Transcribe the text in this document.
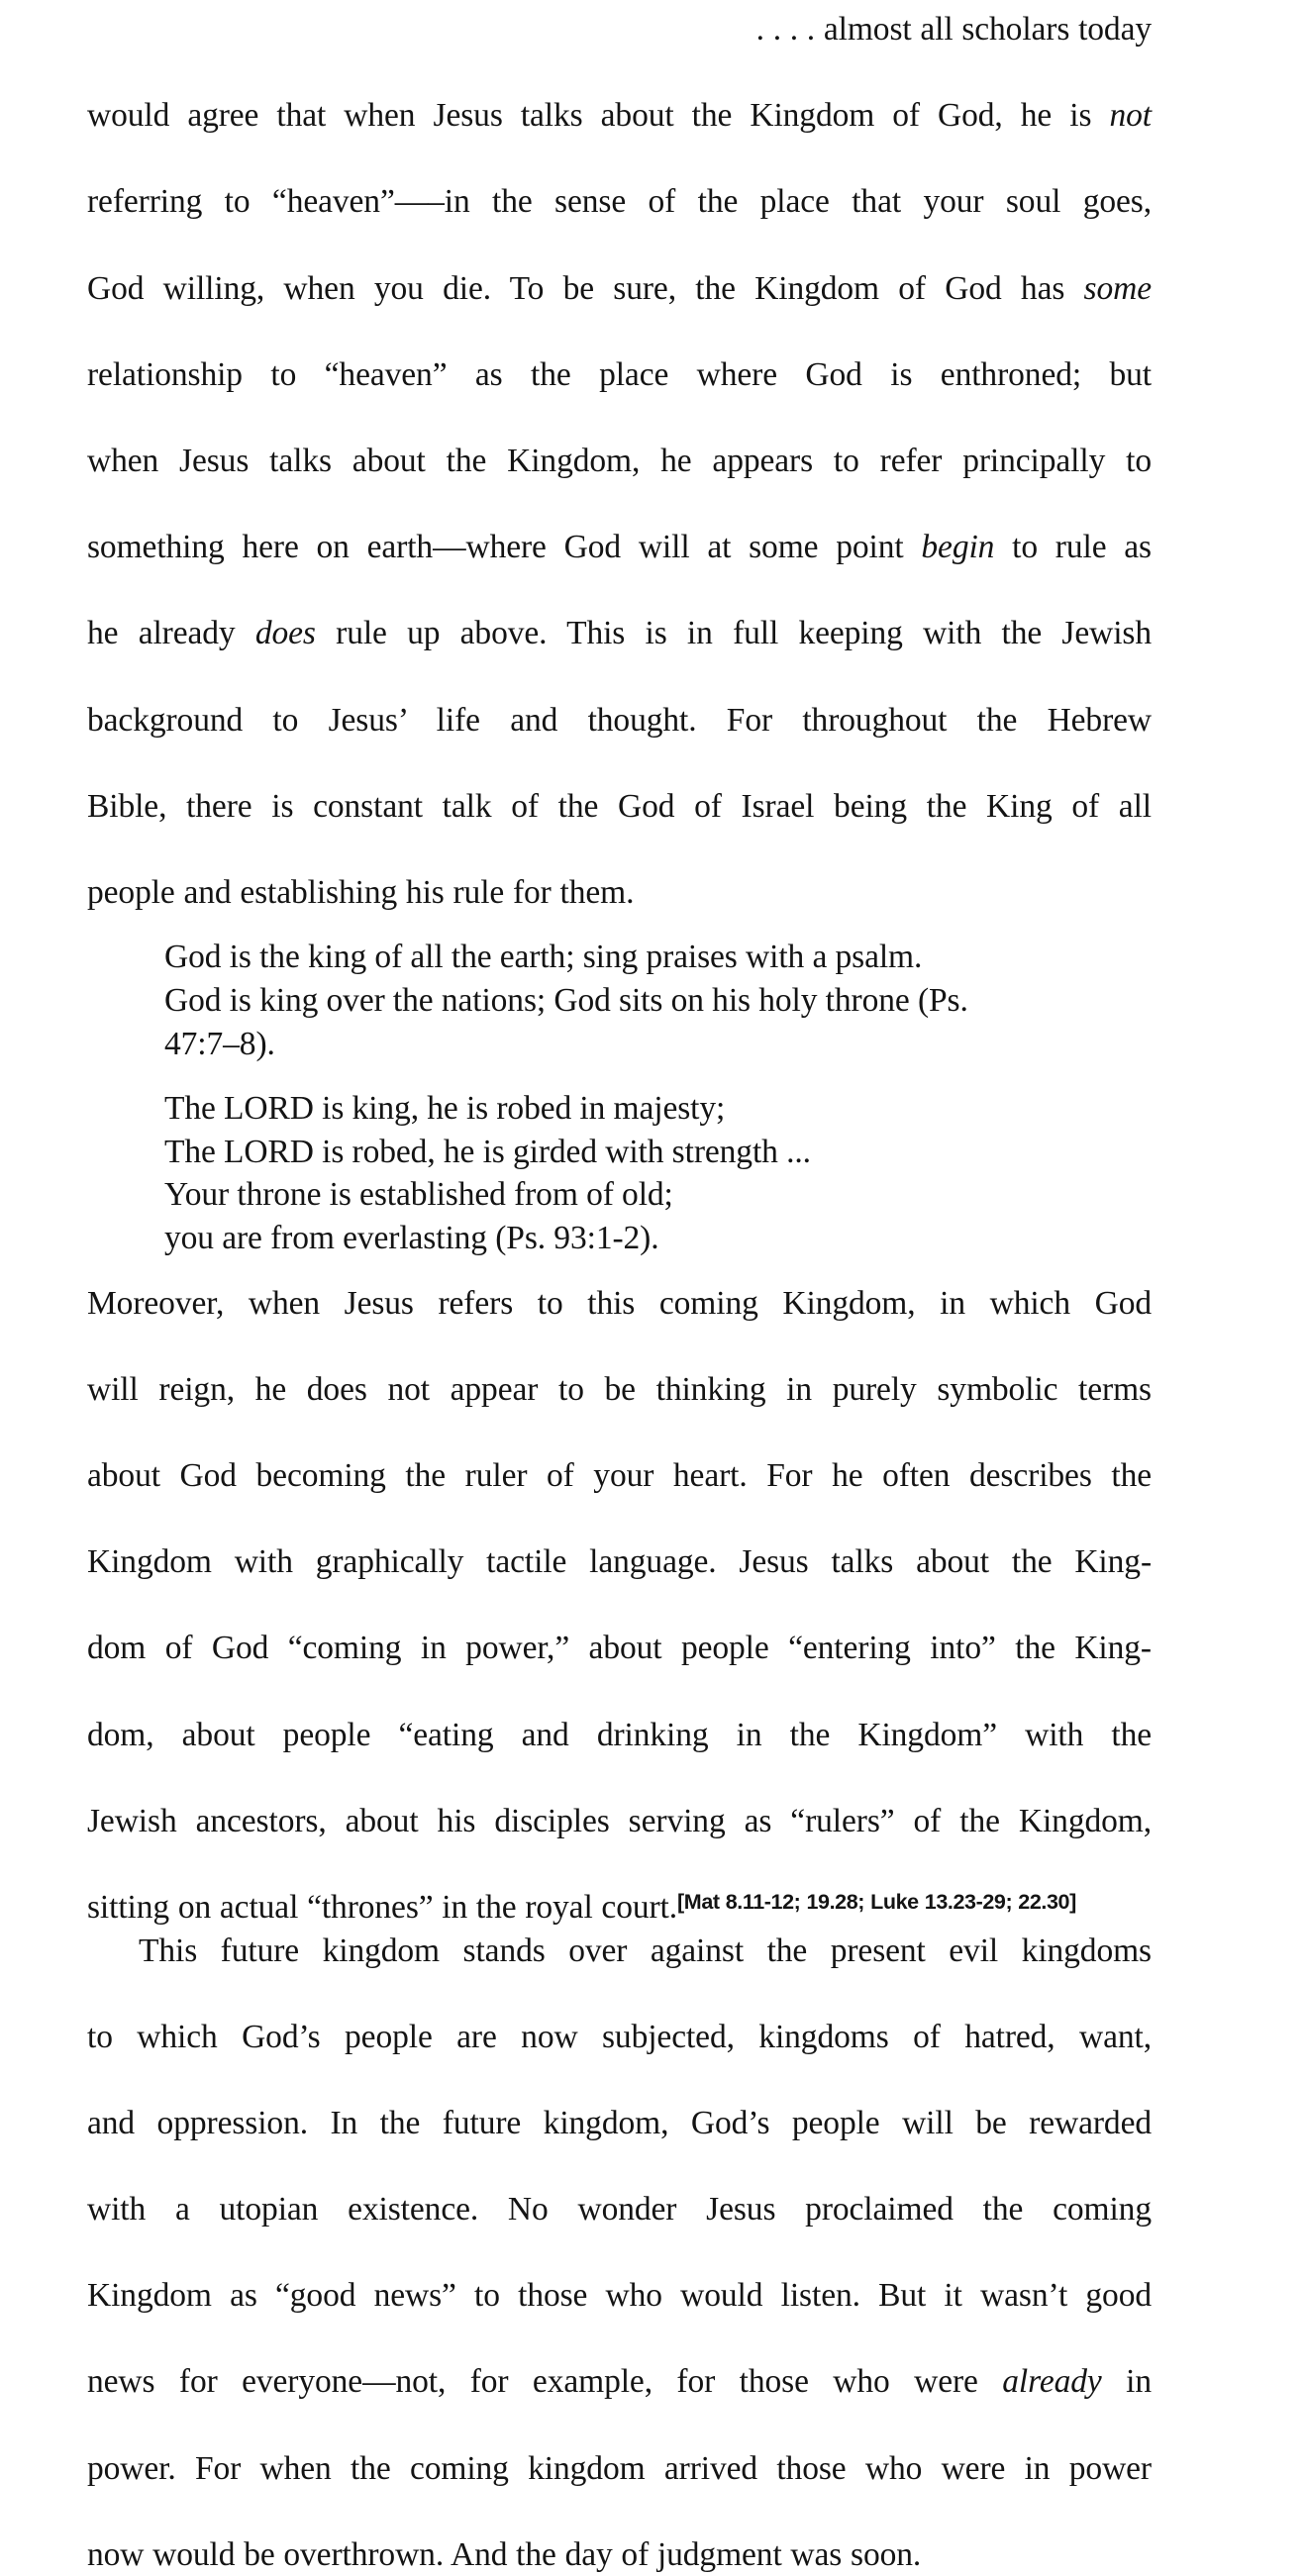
. . . . almost all scholars today
would agree that when Jesus talks about the Kingdom of God, he is not
referring to “heaven”—–in the sense of the place that your soul goes,
God willing, when you die. To be sure, the Kingdom of God has some
relationship to “heaven” as the place where God is enthroned; but
when Jesus talks about the Kingdom, he appears to refer principally to
something here on earth—where God will at some point begin to rule as
he already does rule up above. This is in full keeping with the Jewish
background to Jesus’ life and thought. For throughout the Hebrew
Bible, there is constant talk of the God of Israel being the King of all
people and establishing his rule for them.

God is the king of all the earth; sing praises with a psalm.
God is king over the nations; God sits on his holy throne (Ps.
47:7–8).
The LORD is king, he is robed in majesty;
The LORD is robed, he is girded with strength ...
Your throne is established from of old;
you are from everlasting (Ps. 93:1-2).

Moreover, when Jesus refers to this coming Kingdom, in which God
will reign, he does not appear to be thinking in purely symbolic terms
about God becoming the ruler of your heart. For he often describes the
Kingdom with graphically tactile language. Jesus talks about the King-
dom of God “coming in power,” about people “entering into” the King-
dom, about people “eating and drinking in the Kingdom” with the
Jewish ancestors, about his disciples serving as “rulers” of the Kingdom,
sitting on actual “thrones” in the royal court.[Mat 8.11-12; 19.28; Luke 13.23-29; 22.30]

This future kingdom stands over against the present evil kingdoms
to which God’s people are now subjected, kingdoms of hatred, want,
and oppression. In the future kingdom, God’s people will be rewarded
with a utopian existence. No wonder Jesus proclaimed the coming
Kingdom as “good news” to those who would listen. But it wasn’t good
news for everyone—not, for example, for those who were already in
power. For when the coming kingdom arrived those who were in power
now would be overthrown. And the day of judgment was soon.
